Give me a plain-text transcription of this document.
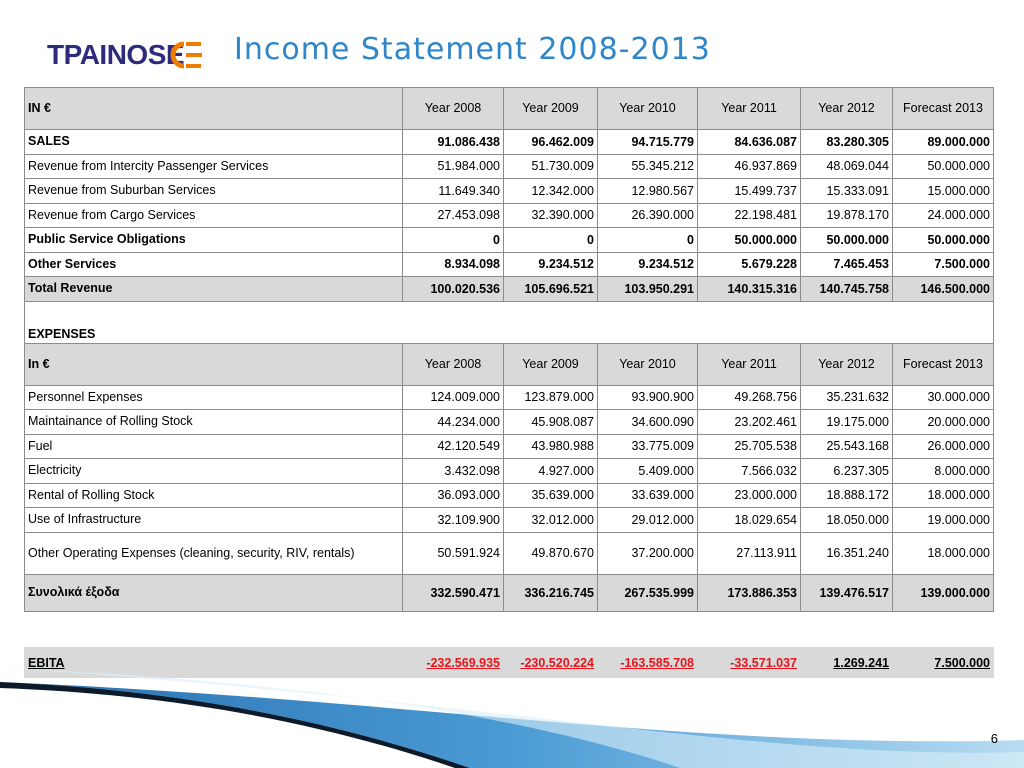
TPAINOSE Income Statement 2008-2013
IN €	Year 2008	Year 2009	Year 2010	Year 2011	Year 2012	Forecast 2013
SALES	91.086.438	96.462.009	94.715.779	84.636.087	83.280.305	89.000.000
Revenue from Intercity Passenger Services	51.984.000	51.730.009	55.345.212	46.937.869	48.069.044	50.000.000
Revenue from Suburban Services	11.649.340	12.342.000	12.980.567	15.499.737	15.333.091	15.000.000
Revenue from Cargo Services	27.453.098	32.390.000	26.390.000	22.198.481	19.878.170	24.000.000
Public Service Obligations	0	0	0	50.000.000	50.000.000	50.000.000
Other Services	8.934.098	9.234.512	9.234.512	5.679.228	7.465.453	7.500.000
Total Revenue	100.020.536	105.696.521	103.950.291	140.315.316	140.745.758	146.500.000
EXPENSES						
In €	Year 2008	Year 2009	Year 2010	Year 2011	Year 2012	Forecast 2013
Personnel Expenses	124.009.000	123.879.000	93.900.900	49.268.756	35.231.632	30.000.000
Maintainance of Rolling Stock	44.234.000	45.908.087	34.600.090	23.202.461	19.175.000	20.000.000
Fuel	42.120.549	43.980.988	33.775.009	25.705.538	25.543.168	26.000.000
Electricity	3.432.098	4.927.000	5.409.000	7.566.032	6.237.305	8.000.000
Rental of Rolling Stock	36.093.000	35.639.000	33.639.000	23.000.000	18.888.172	18.000.000
Use of Infrastructure	32.109.900	32.012.000	29.012.000	18.029.654	18.050.000	19.000.000
Other Operating Expenses (cleaning, security, RIV, rentals)	50.591.924	49.870.670	37.200.000	27.113.911	16.351.240	18.000.000
Συνολικά έξοδα	332.590.471	336.216.745	267.535.999	173.886.353	139.476.517	139.000.000
EBITA	-232.569.935	-230.520.224	-163.585.708	-33.571.037	1.269.241	7.500.000
6
